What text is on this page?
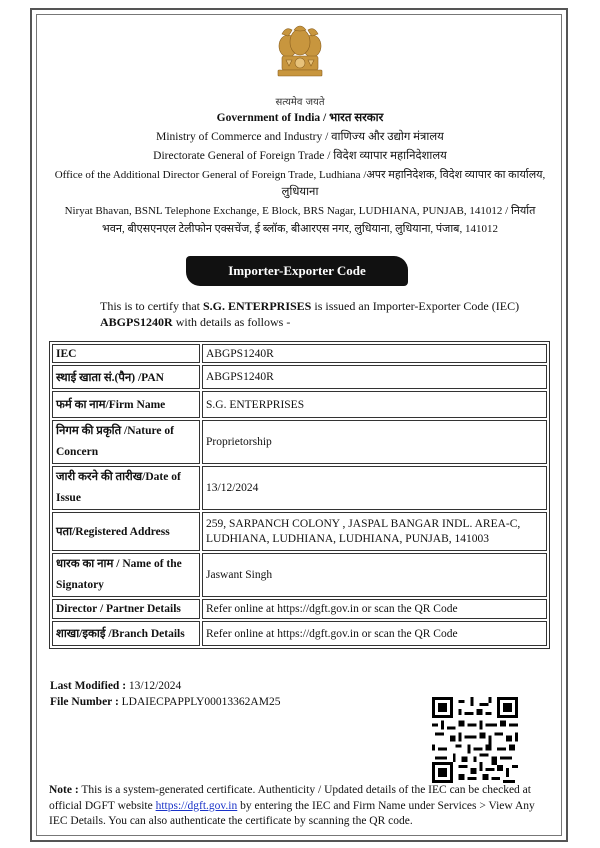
सत्यमेव जयते
Government of India / भारत सरकार
Ministry of Commerce and Industry / वाणिज्य और उद्योग मंत्रालय
Directorate General of Foreign Trade / विदेश व्यापार महानिदेशालय
Office of the Additional Director General of Foreign Trade, Ludhiana /अपर महानिदेशक, विदेश व्यापार का कार्यालय,
लुधियाना
Niryat Bhavan, BSNL Telephone Exchange, E Block, BRS Nagar, LUDHIANA, PUNJAB, 141012 / निर्यात
भवन, बीएसएनएल टेलीफोन एक्सचेंज, ई ब्लॉक, बीआरएस नगर, लुधियाना, लुधियाना, पंजाब, 141012
Importer-Exporter Code
This is to certify that S.G. ENTERPRISES is issued an Importer-Exporter Code (IEC)
ABGPS1240R with details as follows -
IEC	ABGPS1240R
स्थाई खाता सं.(पैन) /PAN	ABGPS1240R
फर्म का नाम/Firm Name	S.G. ENTERPRISES
निगम की प्रकृति /Nature of Concern	Proprietorship
जारी करने की तारीख/Date of Issue	13/12/2024
पता/Registered Address	259, SARPANCH COLONY , JASPAL BANGAR INDL. AREA-C, LUDHIANA, LUDHIANA, LUDHIANA, PUNJAB, 141003
धारक का नाम / Name of the Signatory	Jaswant Singh
Director / Partner Details	Refer online at https://dgft.gov.in or scan the QR Code
शाखा/इकाई /Branch Details	Refer online at https://dgft.gov.in or scan the QR Code
Last Modified : 13/12/2024
File Number : LDAIECPAPPLY00013362AM25
Note : This is a system-generated certificate. Authenticity / Updated details of the IEC can be checked at official DGFT website https://dgft.gov.in by entering the IEC and Firm Name under Services > View Any IEC Details. You can also authenticate the certificate by scanning the QR code.
